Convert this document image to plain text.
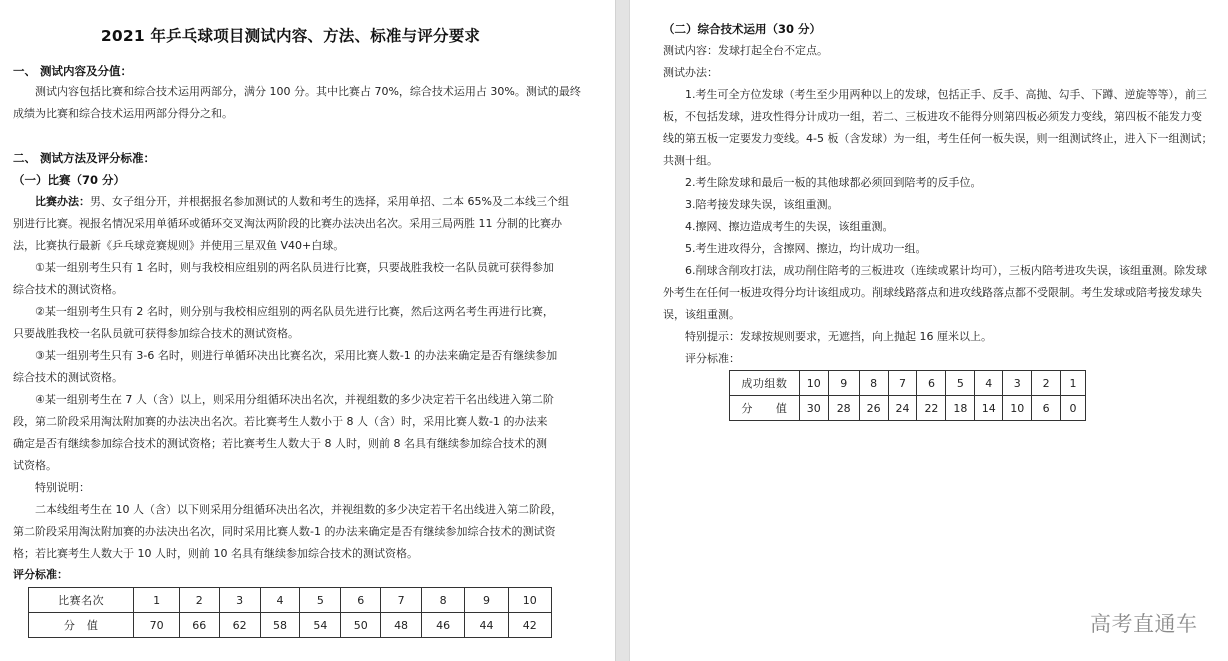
2021 年乒乓球项目测试内容、方法、标准与评分要求
一、 测试内容及分值：
测试内容包括比赛和综合技术运用两部分，满分 100 分。其中比赛占 70%，综合技术运用占 30%。测试的最终
成绩为比赛和综合技术运用两部分得分之和。
二、 测试方法及评分标准：
（一）比赛（70 分）
比赛办法：男、女子组分开，并根据报名参加测试的人数和考生的选择，采用单招、二本 65%及二本线三个组
别进行比赛。视报名情况采用单循环或循环交叉淘汰两阶段的比赛办法决出名次。采用三局两胜 11 分制的比赛办
法，比赛执行最新《乒乓球竞赛规则》并使用三星双鱼 V40+白球。
①某一组别考生只有 1 名时，则与我校相应组别的两名队员进行比赛，只要战胜我校一名队员就可获得参加
综合技术的测试资格。
②某一组别考生只有 2 名时，则分别与我校相应组别的两名队员先进行比赛，然后这两名考生再进行比赛，
只要战胜我校一名队员就可获得参加综合技术的测试资格。
③某一组别考生只有 3-6 名时，则进行单循环决出比赛名次，采用比赛人数-1 的办法来确定是否有继续参加
综合技术的测试资格。
④某一组别考生在 7 人（含）以上，则采用分组循环决出名次，并视组数的多少决定若干名出线进入第二阶
段，第二阶段采用淘汰附加赛的办法决出名次。若比赛考生人数小于 8 人（含）时，采用比赛人数-1 的办法来
确定是否有继续参加综合技术的测试资格；若比赛考生人数大于 8 人时，则前 8 名具有继续参加综合技术的测
试资格。
特别说明：
二本线组考生在 10 人（含）以下则采用分组循环决出名次，并视组数的多少决定若干名出线进入第二阶段，
第二阶段采用淘汰附加赛的办法决出名次，同时采用比赛人数-1 的办法来确定是否有继续参加综合技术的测试资
格；若比赛考生人数大于 10 人时，则前 10 名具有继续参加综合技术的测试资格。
评分标准：
比赛名次	1	2	3	4	5	6	7	8	9	10
分　值	70	66	62	58	54	50	48	46	44	42
（二）综合技术运用（30 分）
测试内容：发球打起全台不定点。
测试办法：
1.考生可全方位发球（考生至少用两种以上的发球，包括正手、反手、高抛、勾手、下蹲、逆旋等等），前三
板，不包括发球，进攻性得分计成功一组，若二、三板进攻不能得分则第四板必须发力变线，第四板不能发力变
线的第五板一定要发力变线。4-5 板（含发球）为一组，考生任何一板失误，则一组测试终止，进入下一组测试；
共测十组。
2.考生除发球和最后一板的其他球都必须回到陪考的反手位。
3.陪考接发球失误，该组重测。
4.擦网、擦边造成考生的失误，该组重测。
5.考生进攻得分，含擦网、擦边，均计成功一组。
6.削球含削攻打法，成功削住陪考的三板进攻（连续或累计均可），三板内陪考进攻失误，该组重测。除发球
外考生在任何一板进攻得分均计该组成功。削球线路落点和进攻线路落点都不受限制。考生发球或陪考接发球失
误，该组重测。
特别提示：发球按规则要求，无遮挡，向上抛起 16 厘米以上。
评分标准：
成功组数	10	9	8	7	6	5	4	3	2	1
分　　值	30	28	26	24	22	18	14	10	6	0
高考直通车
